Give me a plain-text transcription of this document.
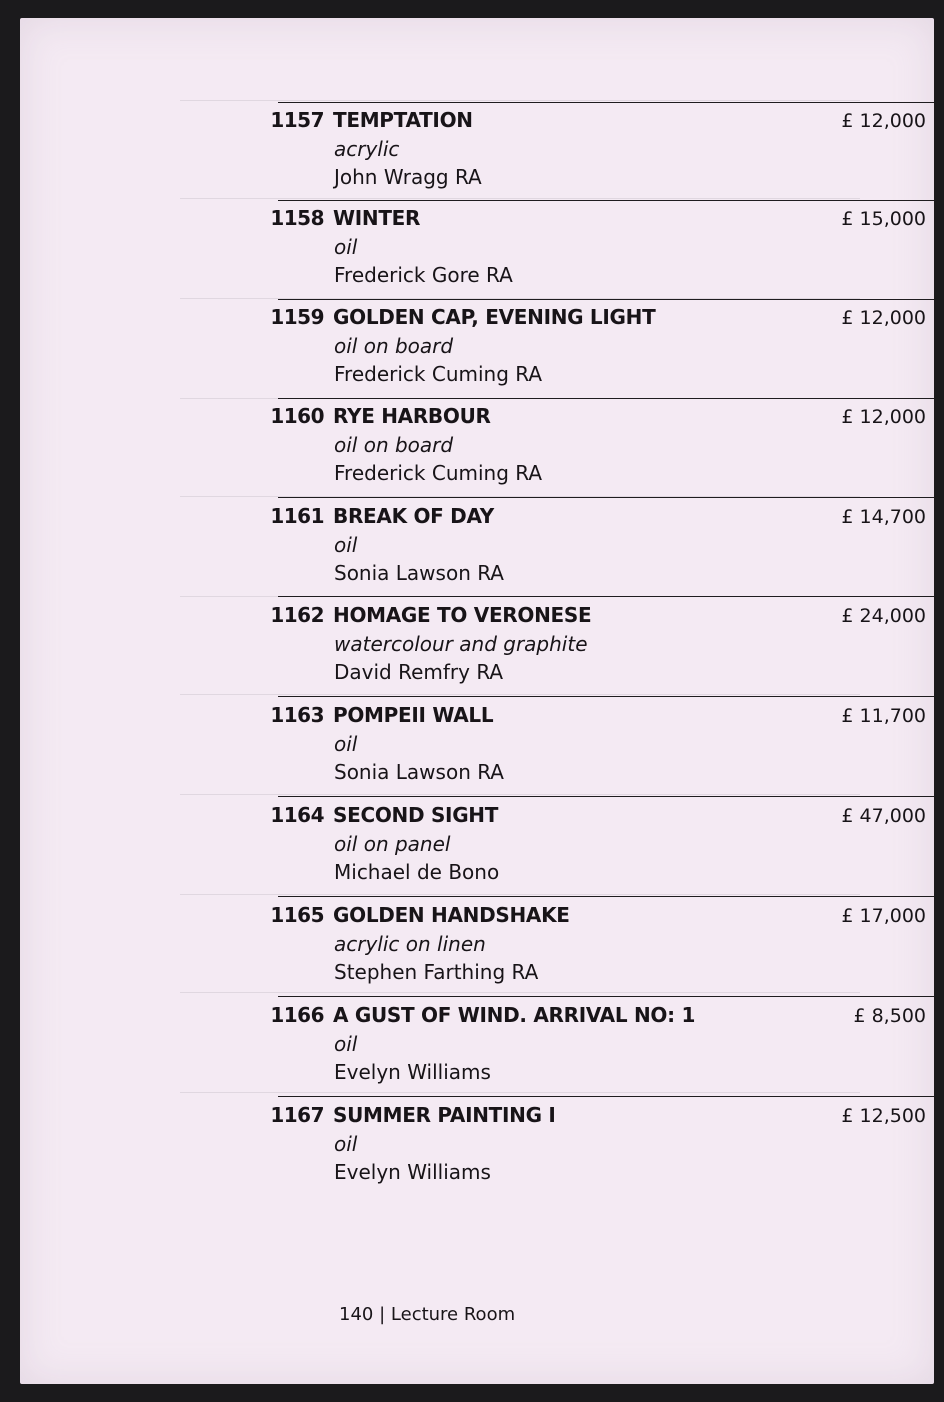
1157 TEMPTATION
acrylic
John Wragg RA
£ 12,000
1158 WINTER
oil
Frederick Gore RA
£ 15,000
1159 GOLDEN CAP, EVENING LIGHT
oil on board
Frederick Cuming RA
£ 12,000
1160 RYE HARBOUR
oil on board
Frederick Cuming RA
£ 12,000
1161 BREAK OF DAY
oil
Sonia Lawson RA
£ 14,700
1162 HOMAGE TO VERONESE
watercolour and graphite
David Remfry RA
£ 24,000
1163 POMPEII WALL
oil
Sonia Lawson RA
£ 11,700
1164 SECOND SIGHT
oil on panel
Michael de Bono
£ 47,000
1165 GOLDEN HANDSHAKE
acrylic on linen
Stephen Farthing RA
£ 17,000
1166 A GUST OF WIND. ARRIVAL NO: 1
oil
Evelyn Williams
£ 8,500
1167 SUMMER PAINTING I
oil
Evelyn Williams
£ 12,500
140 | Lecture Room
